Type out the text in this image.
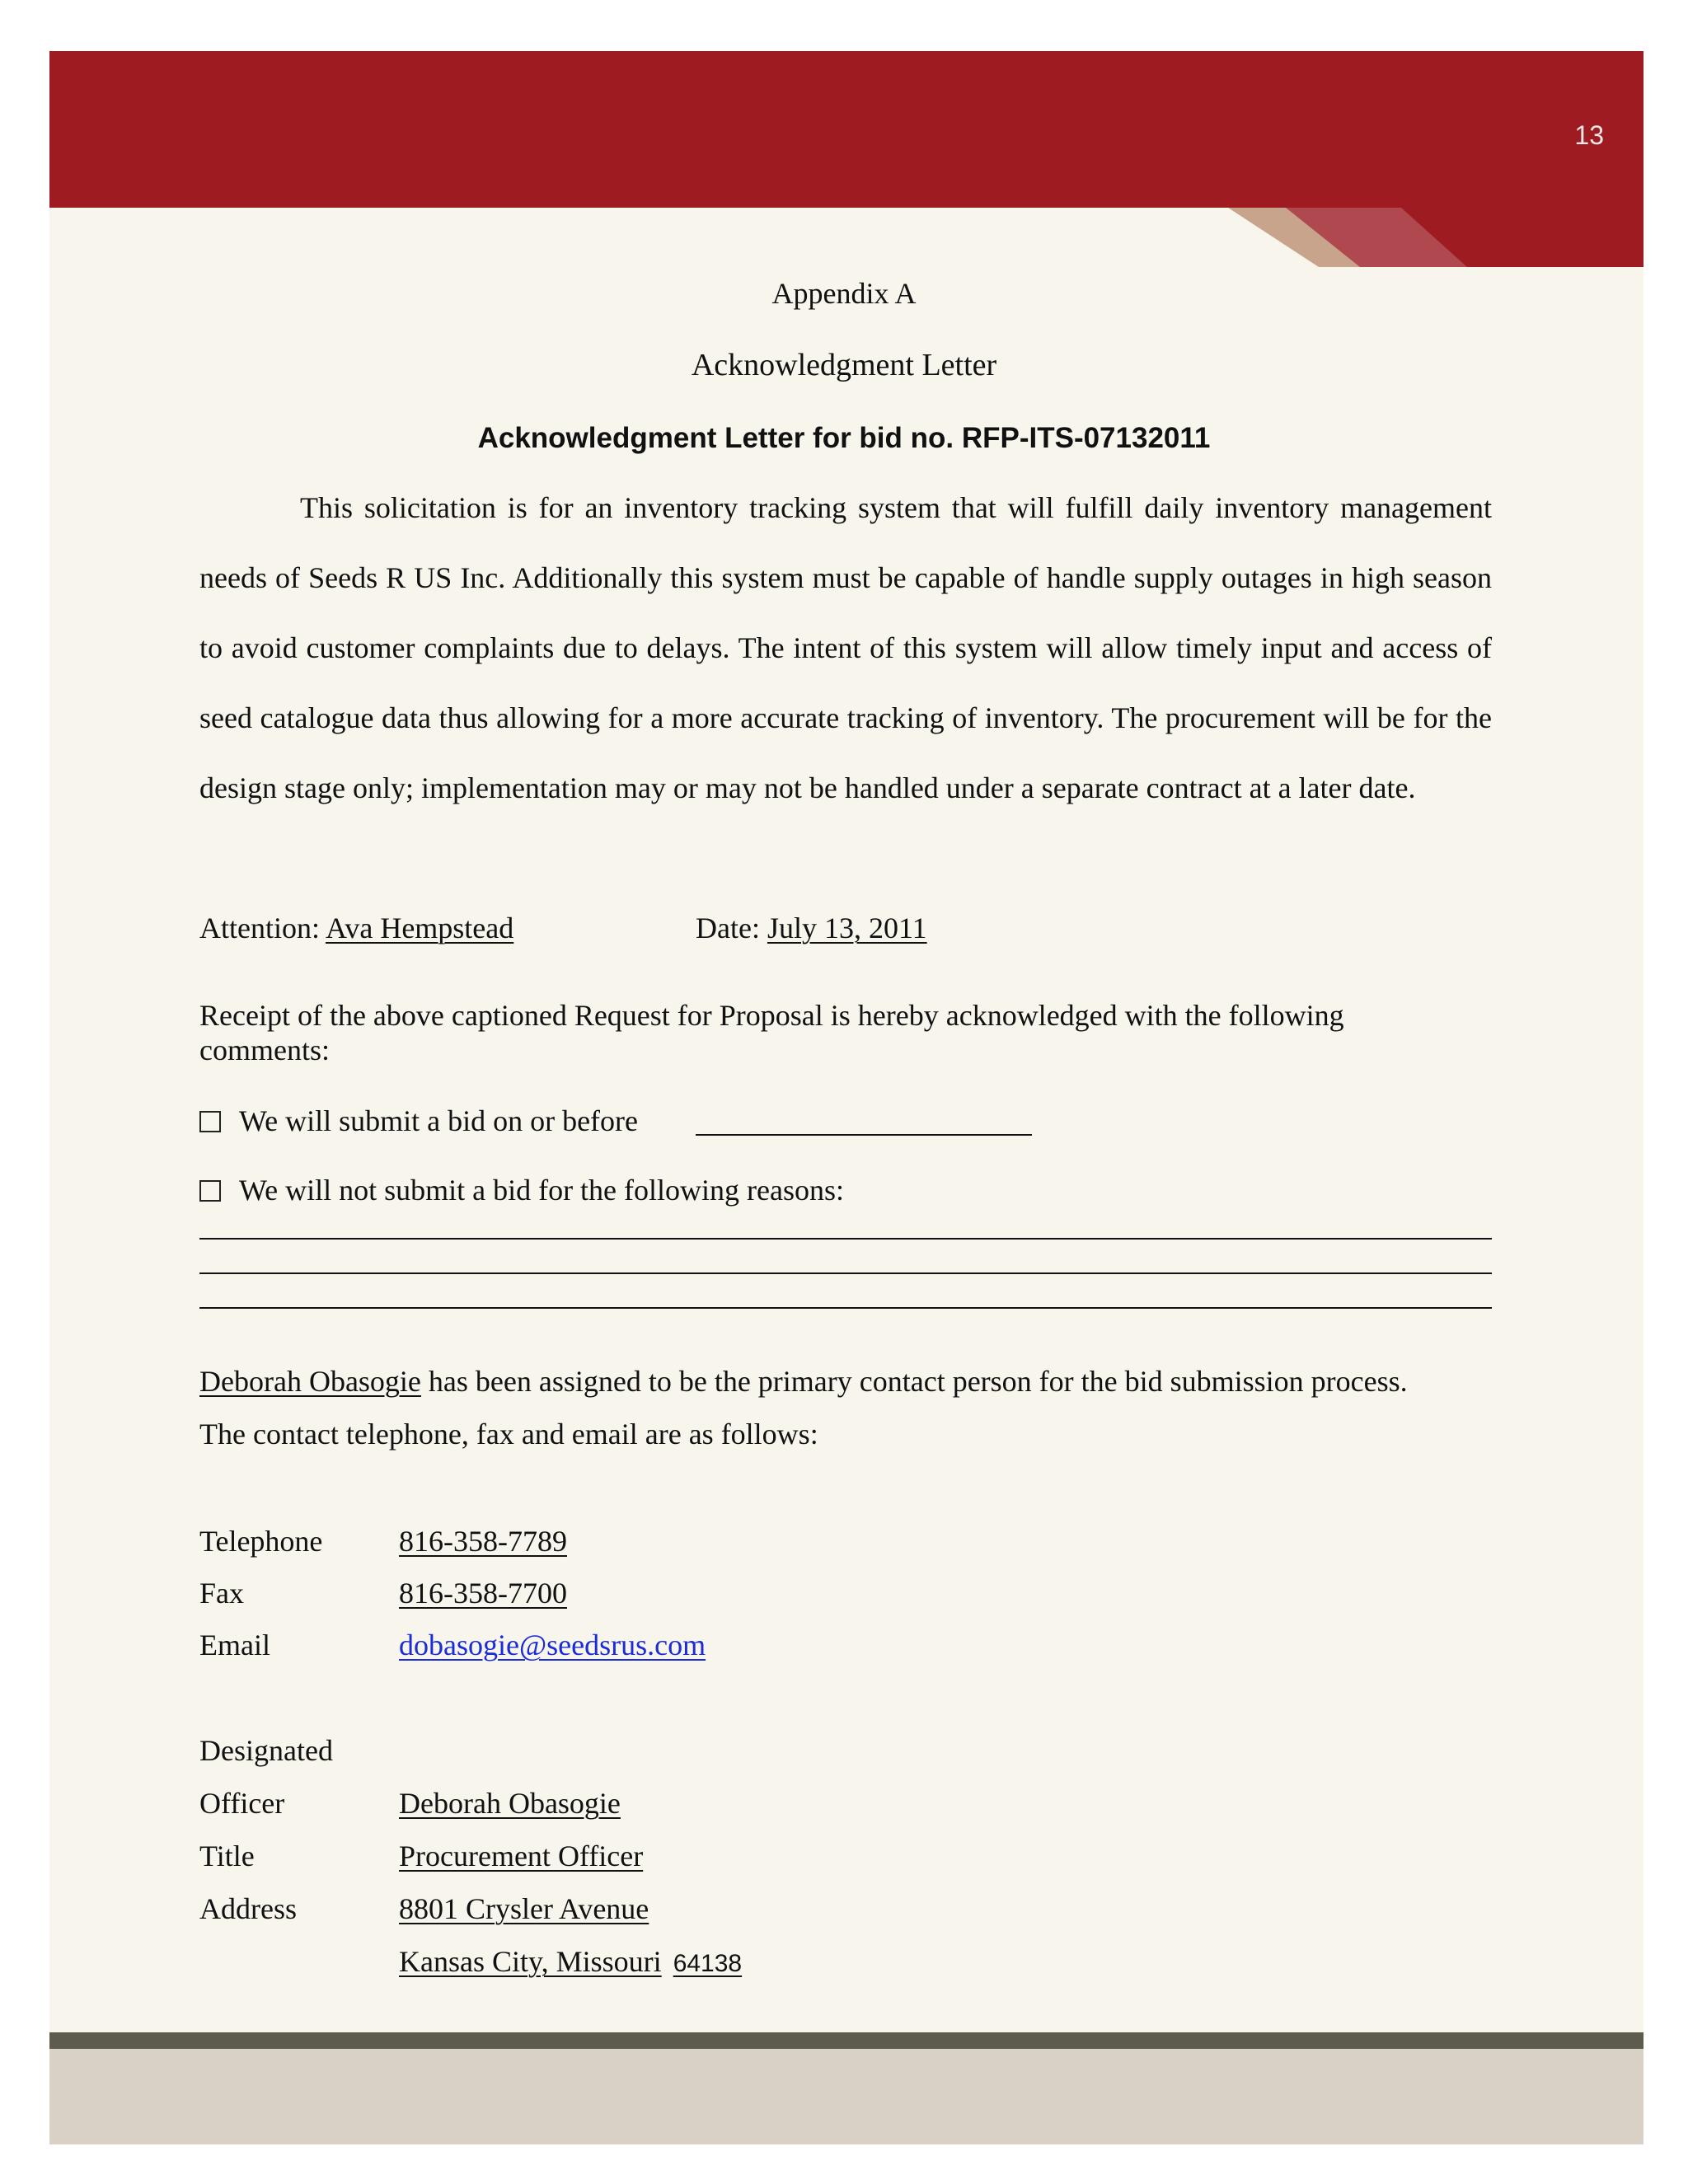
13
Appendix A
Acknowledgment Letter
Acknowledgment Letter for bid no. RFP-ITS-07132011

This solicitation is for an inventory tracking system that will fulfill daily inventory management needs of Seeds R US Inc. Additionally this system must be capable of handle supply outages in high season to avoid customer complaints due to delays. The intent of this system will allow timely input and access of seed catalogue data thus allowing for a more accurate tracking of inventory. The procurement will be for the design stage only; implementation may or may not be handled under a separate contract at a later date.

Attention: Ava Hempstead	Date: July 13, 2011
Receipt of the above captioned Request for Proposal is hereby acknowledged with the following
comments:
We will submit a bid on or before
We will not submit a bid for the following reasons:
Deborah Obasogie has been assigned to be the primary contact person for the bid submission process.
The contact telephone, fax and email are as follows:
Telephone	816-358-7789
Fax	816-358-7700
Email	dobasogie@seedsrus.com
Designated
Officer	Deborah Obasogie
Title	Procurement Officer
Address	8801 Crysler Avenue
Kansas City, Missouri 64138
